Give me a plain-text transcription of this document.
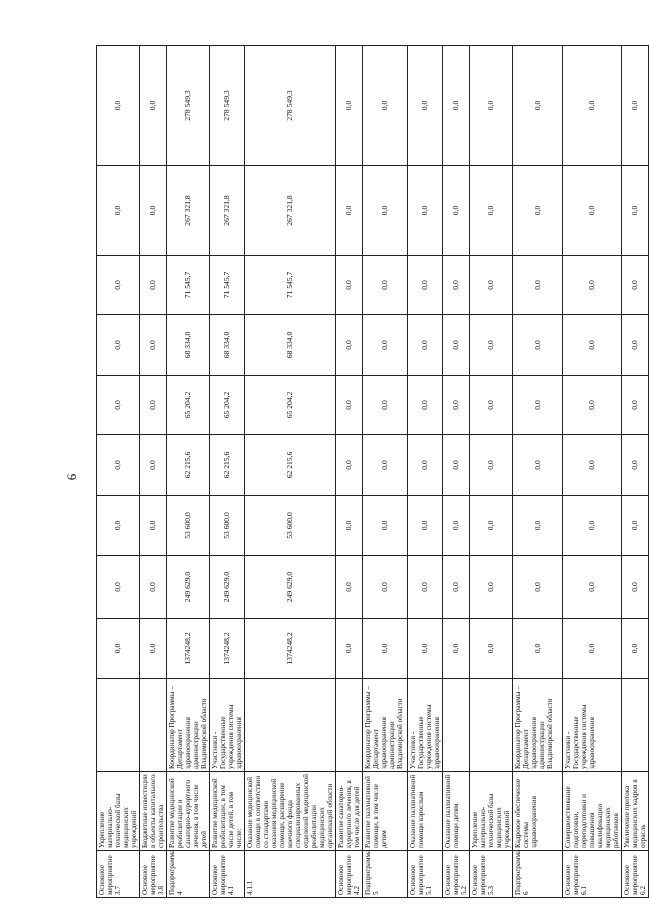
6
Основное мероприятие 3.7	Укрепление материально-технической базы медицинских учреждений		0,0	0,0	0,0	0,0	0,0	0,0	0,0	0,0	0,0
Основное мероприятие 3.8	Бюджетные инвестиции в объекты капитального строительства		0,0	0,0	0,0	0,0	0,0	0,0	0,0	0,0	0,0
Подпрограмма 4	Развитие медицинской реабилитации и санаторно-курортного лечения, в том числе детей	Координатор Программы – Департамент здравоохранения администрации Владимирской области	1374248,2	249 629,0	53 600,0	62 215,6	65 204,2	68 334,0	71 545,7	267 321,8	278 549,3
Основное мероприятие 4.1	Развитие медицинской реабилитации, в том числе детей, в том числе:	Участники - Государственные учреждения системы здравоохранения	1374248,2	249 629,0	53 600,0	62 215,6	65 204,2	68 334,0	71 545,7	267 321,8	278 549,3
4.1.1	Оказание медицинской помощи в соответствии со стандартами оказания медицинской помощи, расширение коечного фонда специализированных отделений медицинской реабилитации медицинских организаций области		1374248,2	249 629,0	53 600,0	62 215,6	65 204,2	68 334,0	71 545,7	267 321,8	278 549,3
Основное мероприятие 4.2	Развитие санаторно-курортного лечения, в том числе для детей		0,0	0,0	0,0	0,0	0,0	0,0	0,0	0,0	0,0
Подпрограмма 5	Развитие паллиативной помощи, в том числе детям	Координатор Программы – Департамент здравоохранения администрации Владимирской области	0,0	0,0	0,0	0,0	0,0	0,0	0,0	0,0	0,0
Основное мероприятие 5.1	Оказание паллиативной помощи взрослым	Участники - Государственные учреждения системы здравоохранения	0,0	0,0	0,0	0,0	0,0	0,0	0,0	0,0	0,0
Основное мероприятие 5.2	Оказание паллиативной помощи детям		0,0	0,0	0,0	0,0	0,0	0,0	0,0	0,0	0,0
Основное мероприятие 5.3	Укрепление материально-технической базы медицинских учреждений		0,0	0,0	0,0	0,0	0,0	0,0	0,0	0,0	0,0
Подпрограмма 6	Кадровое обеспечение системы здравоохранения	Координатор Программы – Департамент здравоохранения администрации Владимирской области	0,0	0,0	0,0	0,0	0,0	0,0	0,0	0,0	0,0
Основное мероприятие 6.1	Совершенствование подготовки, переподготовки и повышения квалификации медицинских работников	Участники - Государственные учреждения системы здравоохранения	0,0	0,0	0,0	0,0	0,0	0,0	0,0	0,0	0,0
Основное мероприятие 6.2	Увеличение притока медицинских кадров в отрасль		0,0	0,0	0,0	0,0	0,0	0,0	0,0	0,0	0,0
